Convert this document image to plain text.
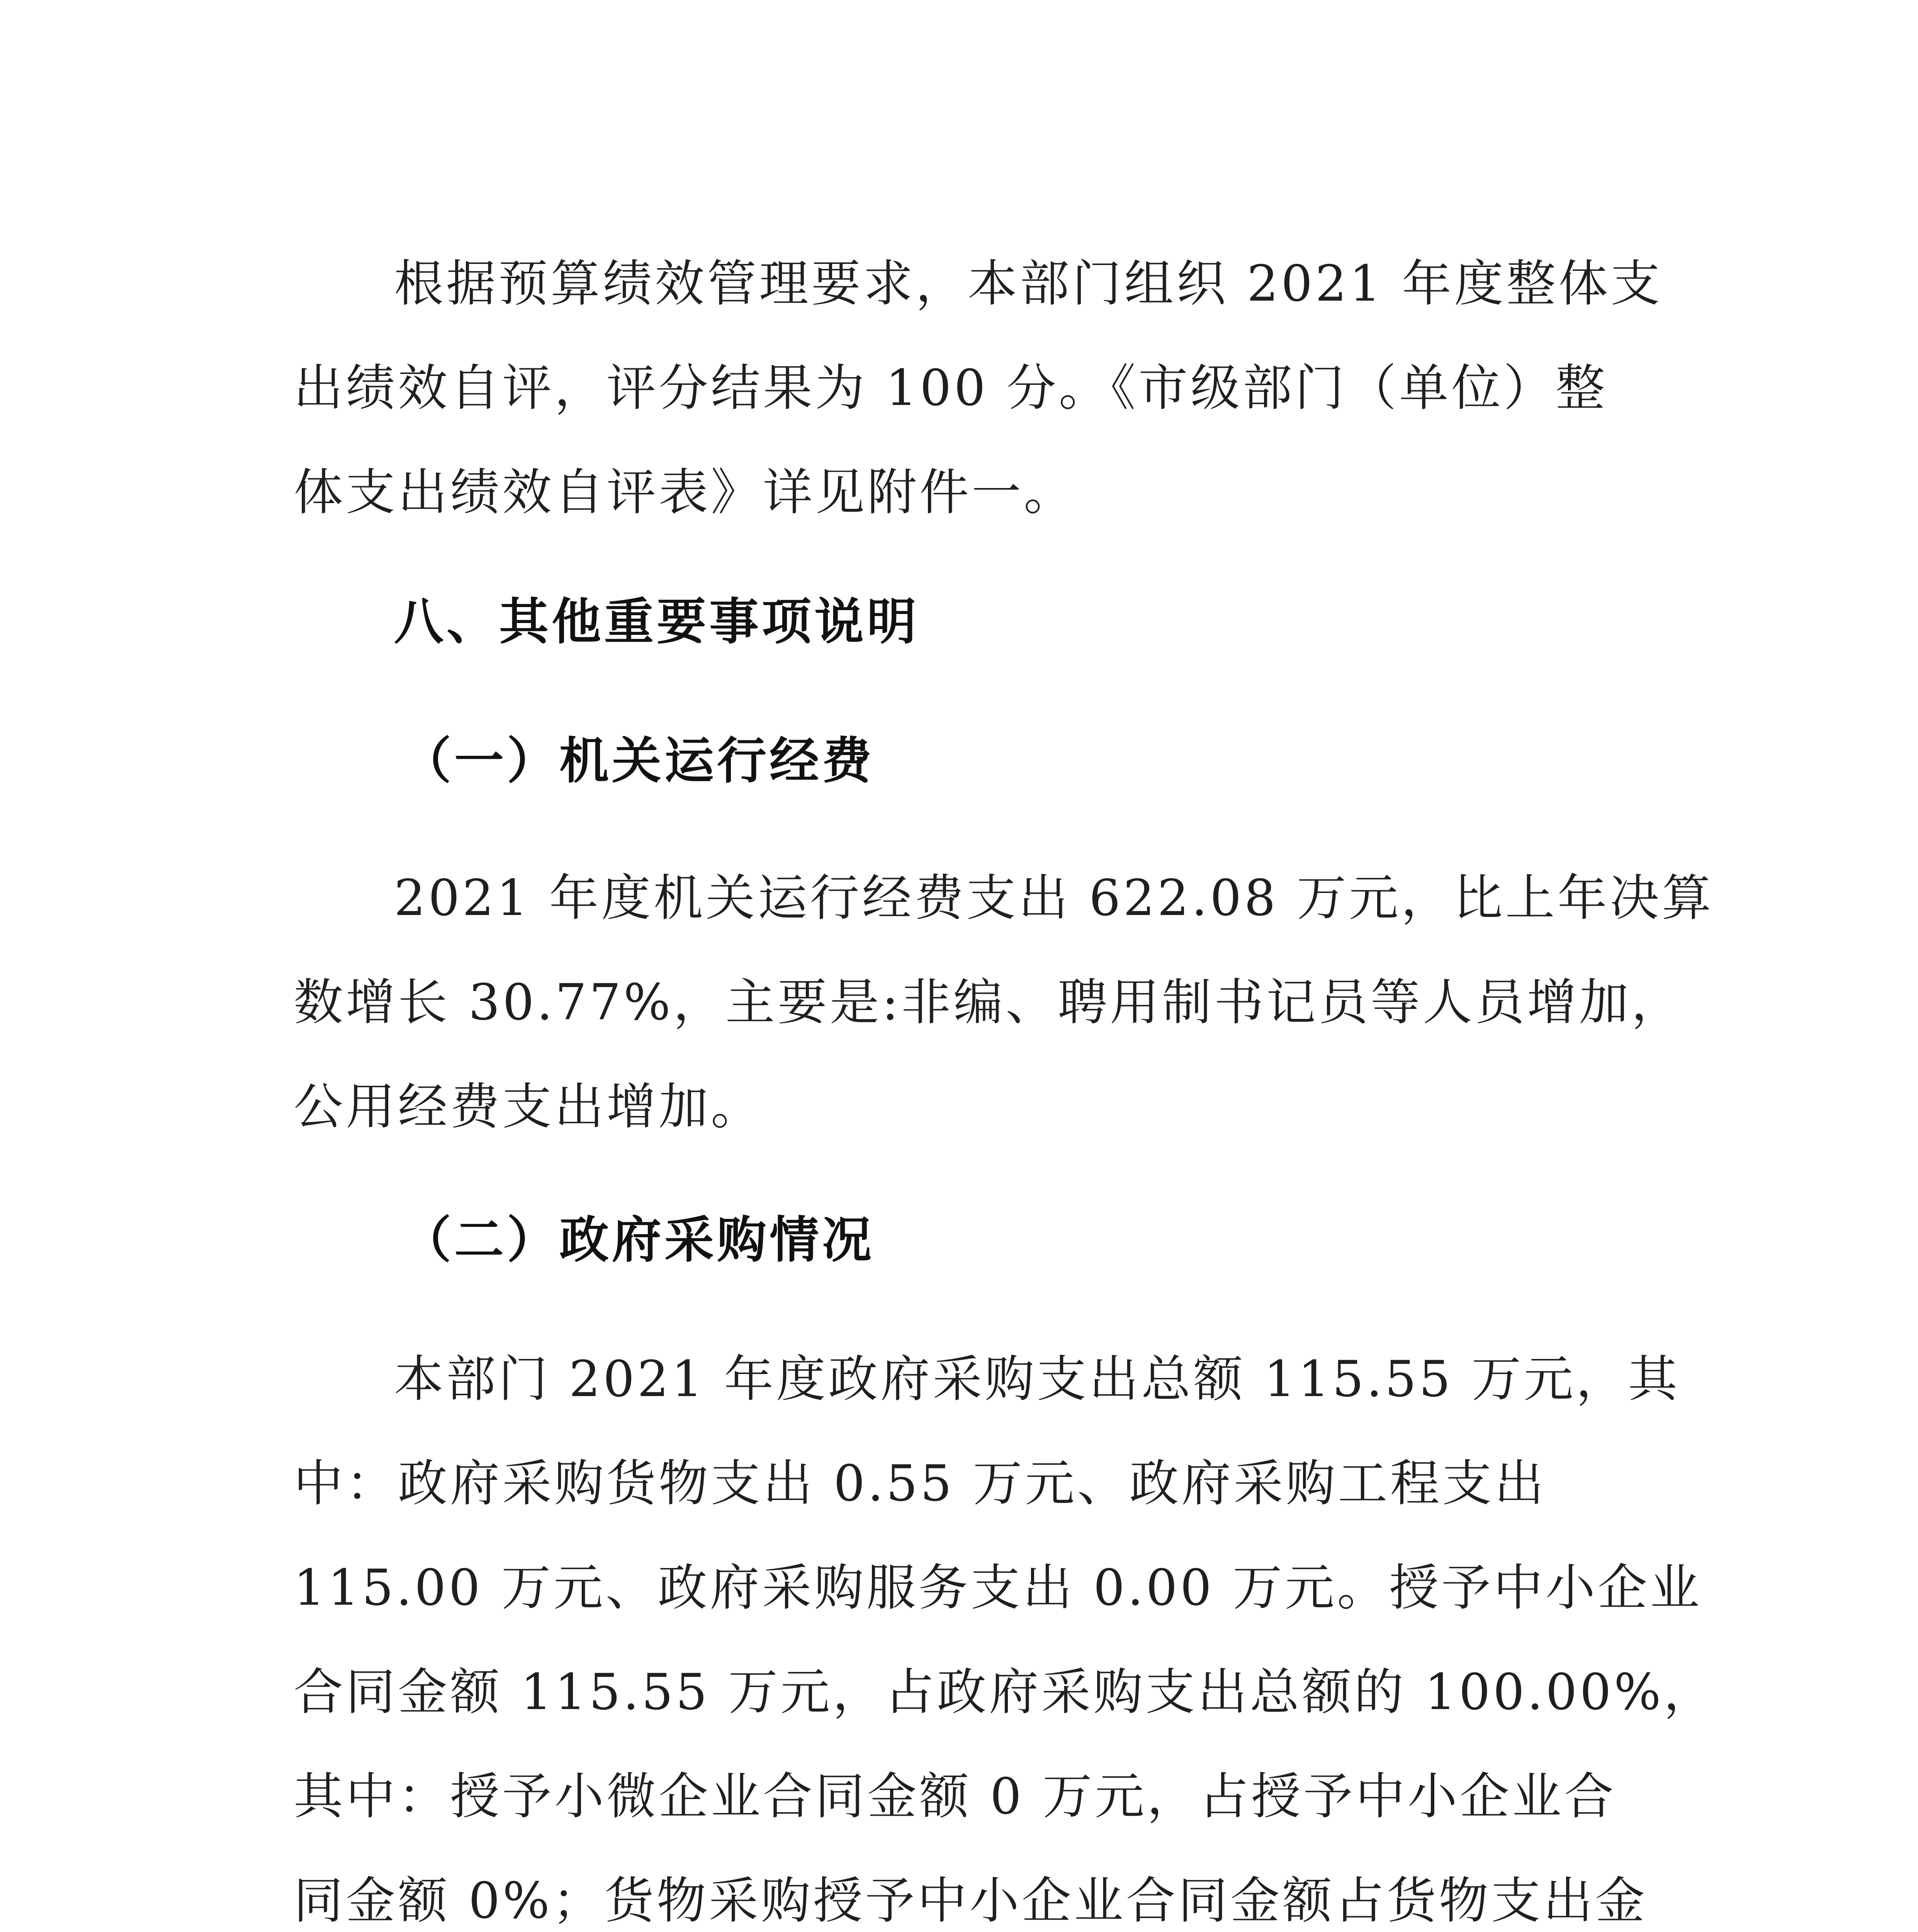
根据预算绩效管理要求，本部门组织 2021 年度整体支
出绩效自评，评分结果为 100 分。《市级部门（单位）整
体支出绩效自评表》详见附件一。
八、其他重要事项说明
（一）机关运行经费
2021 年度机关运行经费支出 622.08 万元，比上年决算
数增长 30.77%，主要是:非编、聘用制书记员等人员增加，
公用经费支出增加。
（二）政府采购情况
本部门 2021 年度政府采购支出总额 115.55 万元，其
中：政府采购货物支出 0.55 万元、政府采购工程支出
115.00 万元、政府采购服务支出 0.00 万元。授予中小企业
合同金额 115.55 万元，占政府采购支出总额的 100.00%，
其中：授予小微企业合同金额 0 万元，占授予中小企业合
同金额 0%；货物采购授予中小企业合同金额占货物支出金
